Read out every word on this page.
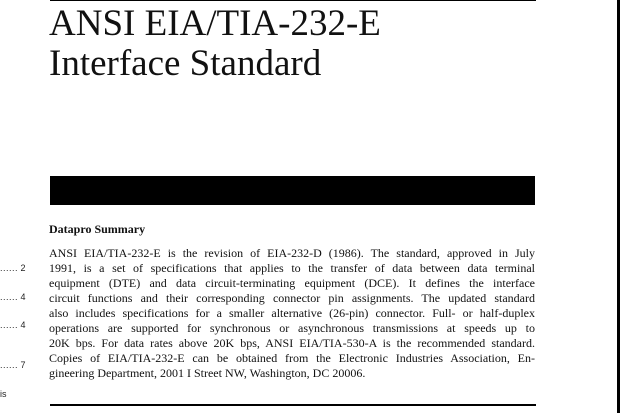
ANSI EIA/TIA-232-E
Interface Standard
Datapro Summary
ANSI EIA/TIA-232-E is the revision of EIA-232-D (1986). The standard, approved in July
1991, is a set of specifications that applies to the transfer of data between data terminal
equipment (DTE) and data circuit-terminating equipment (DCE). It defines the interface
circuit functions and their corresponding connector pin assignments. The updated standard
also includes specifications for a smaller alternative (26-pin) connector. Full- or half-duplex
operations are supported for synchronous or asynchronous transmissions at speeds up to
20K bps. For data rates above 20K bps, ANSI EIA/TIA-530-A is the recommended standard.
Copies of EIA/TIA-232-E can be obtained from the Electronic Industries Association, En-
gineering Department, 2001 I Street NW, Washington, DC 20006.
...... 2
...... 4
...... 4
...... 7
is
